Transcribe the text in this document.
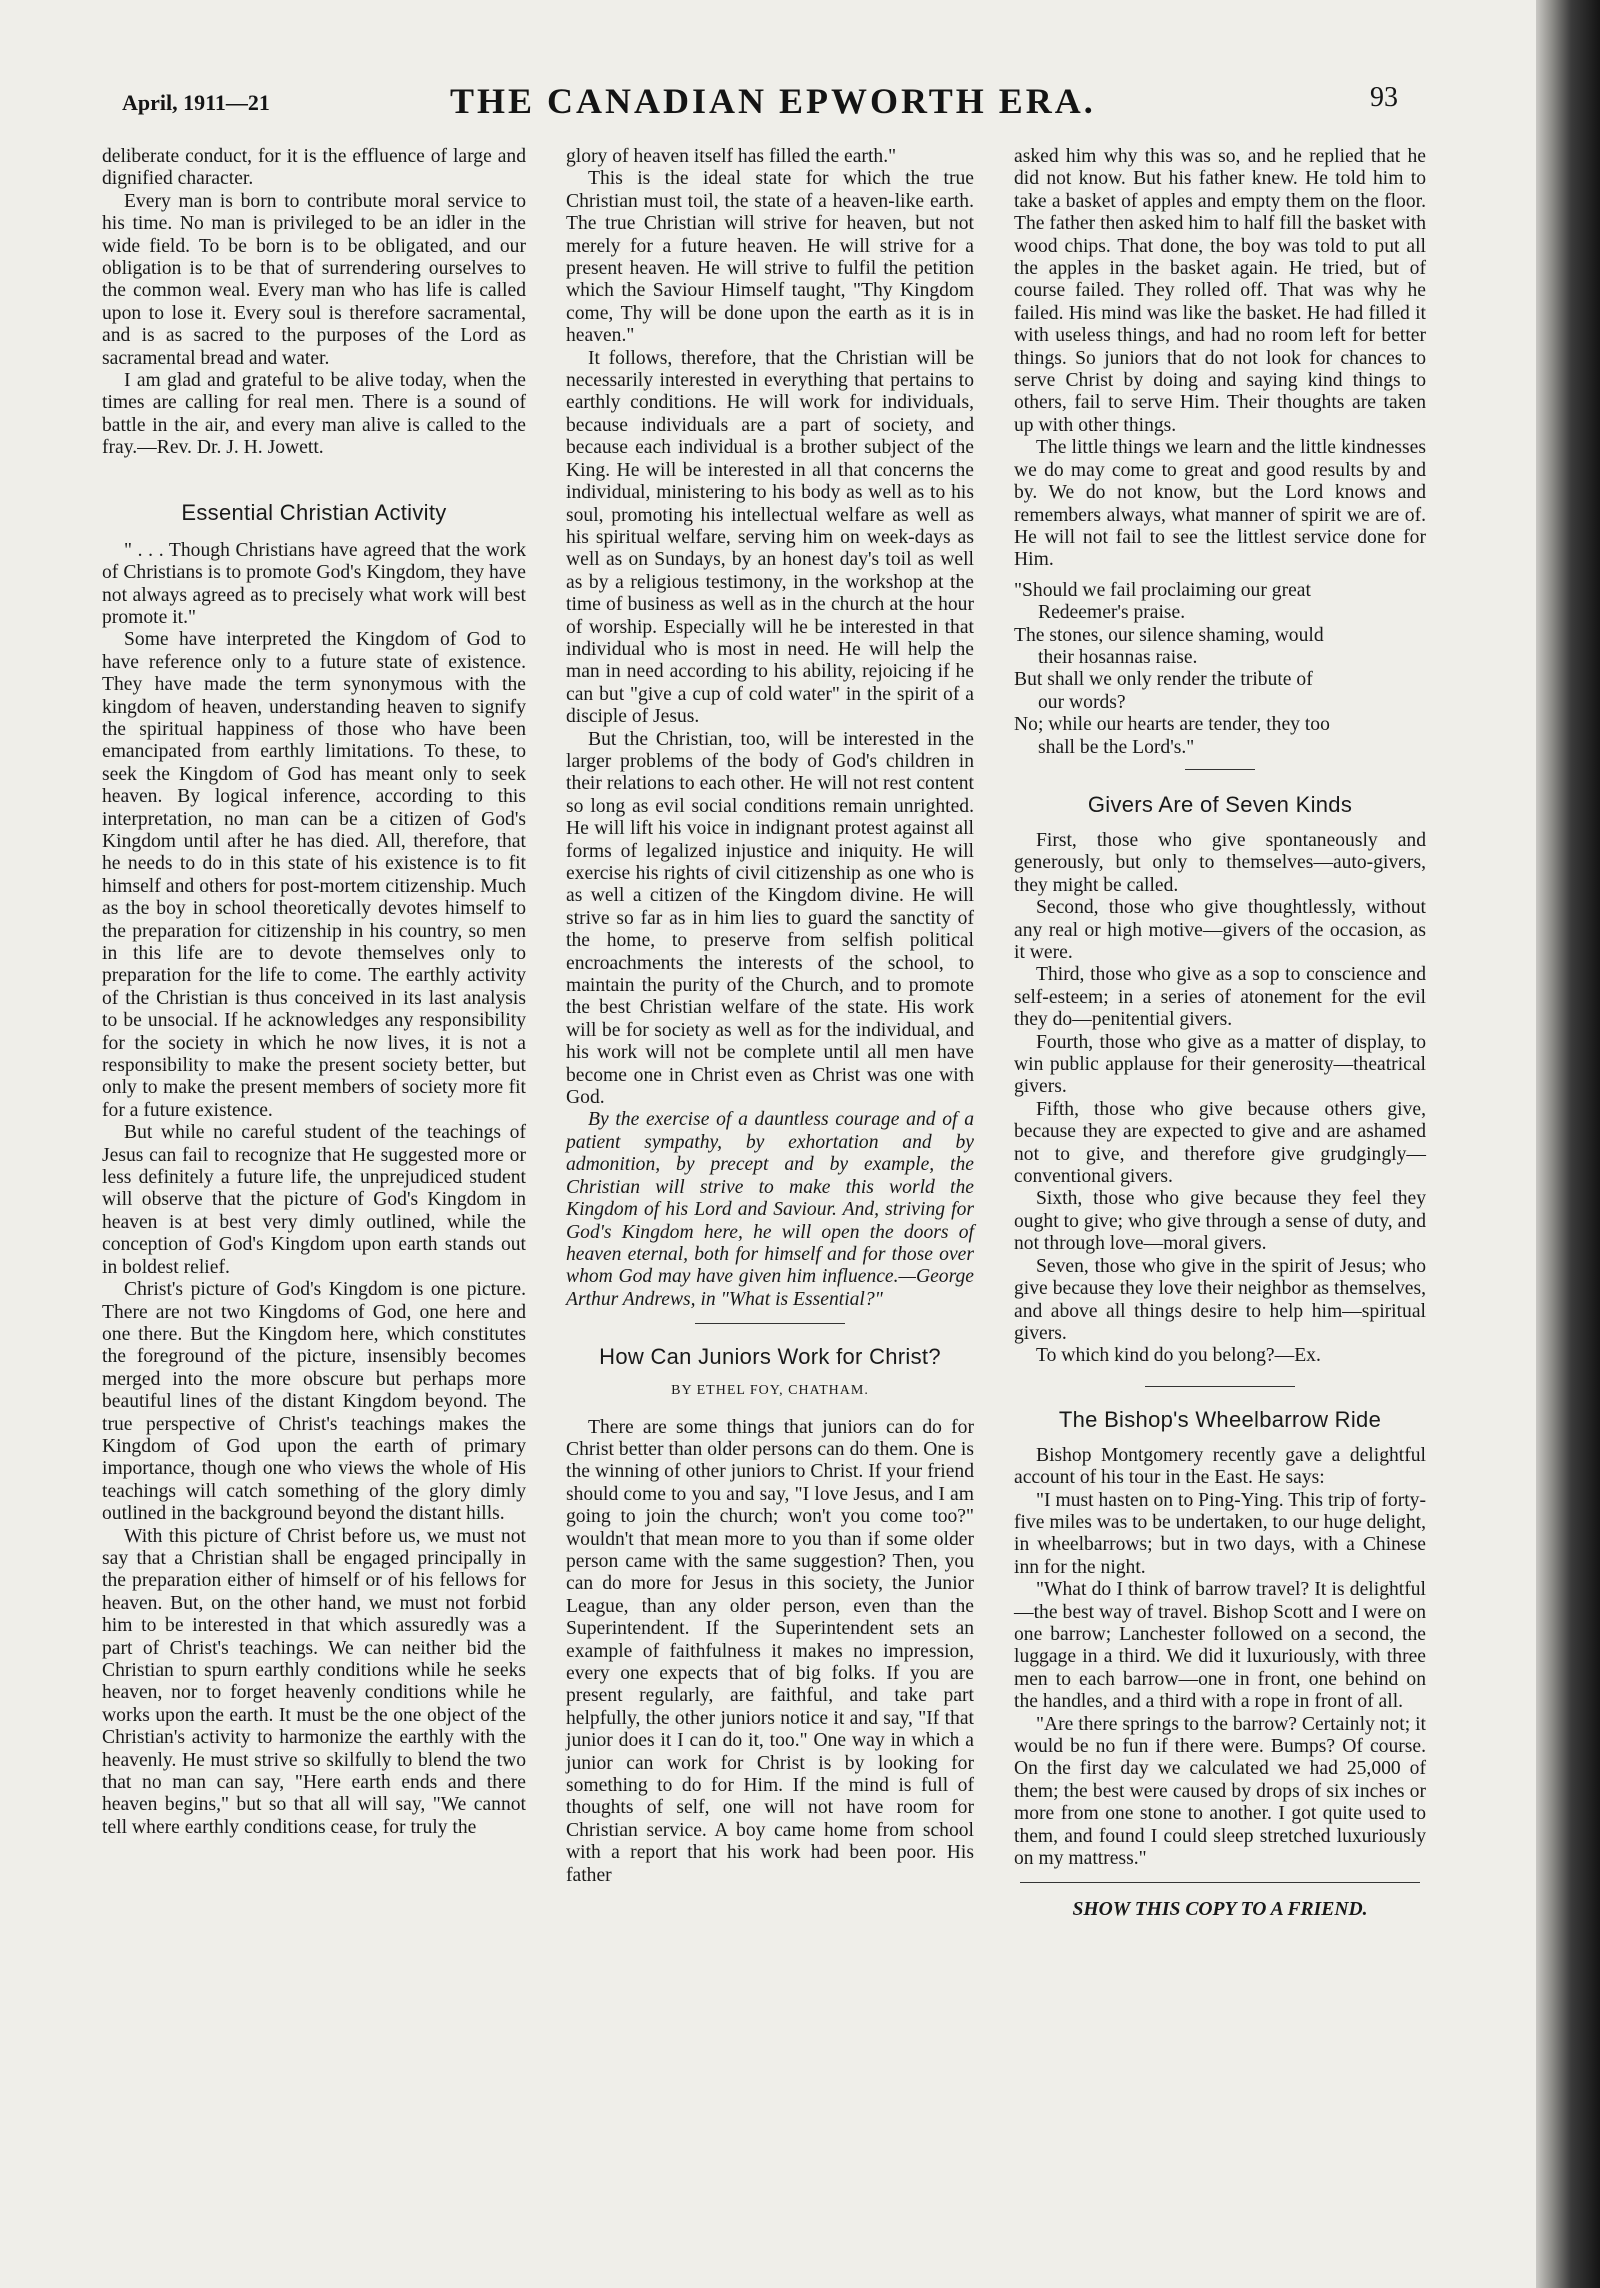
April, 1911—21	THE CANADIAN EPWORTH ERA.	93

deliberate conduct, for it is the effluence of large and dignified character.

Every man is born to contribute moral service to his time. No man is privileged to be an idler in the wide field. To be born is to be obligated, and our obligation is to be that of surrendering ourselves to the common weal. Every man who has life is called upon to lose it. Every soul is therefore sacramental, and is as sacred to the purposes of the Lord as sacramental bread and water.

I am glad and grateful to be alive today, when the times are calling for real men. There is a sound of battle in the air, and every man alive is called to the fray.—Rev. Dr. J. H. Jowett.

Essential Christian Activity

" . . . Though Christians have agreed that the work of Christians is to promote God's Kingdom, they have not always agreed as to precisely what work will best promote it."

Some have interpreted the Kingdom of God to have reference only to a future state of existence. They have made the term synonymous with the kingdom of heaven, understanding heaven to signify the spiritual happiness of those who have been emancipated from earthly limitations. To these, to seek the Kingdom of God has meant only to seek heaven. By logical inference, according to this interpretation, no man can be a citizen of God's Kingdom until after he has died. All, therefore, that he needs to do in this state of his existence is to fit himself and others for post-mortem citizenship. Much as the boy in school theoretically devotes himself to the preparation for citizenship in his country, so men in this life are to devote themselves only to preparation for the life to come. The earthly activity of the Christian is thus conceived in its last analysis to be unsocial. If he acknowledges any responsibility for the society in which he now lives, it is not a responsibility to make the present society better, but only to make the present members of society more fit for a future existence.

But while no careful student of the teachings of Jesus can fail to recognize that He suggested more or less definitely a future life, the unprejudiced student will observe that the picture of God's Kingdom in heaven is at best very dimly outlined, while the conception of God's Kingdom upon earth stands out in boldest relief.

Christ's picture of God's Kingdom is one picture. There are not two Kingdoms of God, one here and one there. But the Kingdom here, which constitutes the foreground of the picture, insensibly becomes merged into the more obscure but perhaps more beautiful lines of the distant Kingdom beyond. The true perspective of Christ's teachings makes the Kingdom of God upon the earth of primary importance, though one who views the whole of His teachings will catch something of the glory dimly outlined in the background beyond the distant hills.

With this picture of Christ before us, we must not say that a Christian shall be engaged principally in the preparation either of himself or of his fellows for heaven. But, on the other hand, we must not forbid him to be interested in that which assuredly was a part of Christ's teachings. We can neither bid the Christian to spurn earthly conditions while he seeks heaven, nor to forget heavenly conditions while he works upon the earth. It must be the one object of the Christian's activity to harmonize the earthly with the heavenly. He must strive so skilfully to blend the two that no man can say, "Here earth ends and there heaven begins," but so that all will say, "We cannot tell where earthly conditions cease, for truly the

glory of heaven itself has filled the earth."

This is the ideal state for which the true Christian must toil, the state of a heaven-like earth. The true Christian will strive for heaven, but not merely for a future heaven. He will strive for a present heaven. He will strive to fulfil the petition which the Saviour Himself taught, "Thy Kingdom come, Thy will be done upon the earth as it is in heaven."

It follows, therefore, that the Christian will be necessarily interested in everything that pertains to earthly conditions. He will work for individuals, because individuals are a part of society, and because each individual is a brother subject of the King. He will be interested in all that concerns the individual, ministering to his body as well as to his soul, promoting his intellectual welfare as well as his spiritual welfare, serving him on week-days as well as on Sundays, by an honest day's toil as well as by a religious testimony, in the workshop at the time of business as well as in the church at the hour of worship. Especially will he be interested in that individual who is most in need. He will help the man in need according to his ability, rejoicing if he can but "give a cup of cold water" in the spirit of a disciple of Jesus.

But the Christian, too, will be interested in the larger problems of the body of God's children in their relations to each other. He will not rest content so long as evil social conditions remain unrighted. He will lift his voice in indignant protest against all forms of legalized injustice and iniquity. He will exercise his rights of civil citizenship as one who is as well a citizen of the Kingdom divine. He will strive so far as in him lies to guard the sanctity of the home, to preserve from selfish political encroachments the interests of the school, to maintain the purity of the Church, and to promote the best Christian welfare of the state. His work will be for society as well as for the individual, and his work will not be complete until all men have become one in Christ even as Christ was one with God.

By the exercise of a dauntless courage and of a patient sympathy, by exhortation and by admonition, by precept and by example, the Christian will strive to make this world the Kingdom of his Lord and Saviour. And, striving for God's Kingdom here, he will open the doors of heaven eternal, both for himself and for those over whom God may have given him influence.—George Arthur Andrews, in "What is Essential?"

How Can Juniors Work for Christ?
BY ETHEL FOY, CHATHAM.

There are some things that juniors can do for Christ better than older persons can do them. One is the winning of other juniors to Christ. If your friend should come to you and say, "I love Jesus, and I am going to join the church; won't you come too?" wouldn't that mean more to you than if some older person came with the same suggestion? Then, you can do more for Jesus in this society, the Junior League, than any older person, even than the Superintendent. If the Superintendent sets an example of faithfulness it makes no impression, every one expects that of big folks. If you are present regularly, are faithful, and take part helpfully, the other juniors notice it and say, "If that junior does it I can do it, too." One way in which a junior can work for Christ is by looking for something to do for Him. If the mind is full of thoughts of self, one will not have room for Christian service. A boy came home from school with a report that his work had been poor. His father

asked him why this was so, and he replied that he did not know. But his father knew. He told him to take a basket of apples and empty them on the floor. The father then asked him to half fill the basket with wood chips. That done, the boy was told to put all the apples in the basket again. He tried, but of course failed. They rolled off. That was why he failed. His mind was like the basket. He had filled it with useless things, and had no room left for better things. So juniors that do not look for chances to serve Christ by doing and saying kind things to others, fail to serve Him. Their thoughts are taken up with other things.

The little things we learn and the little kindnesses we do may come to great and good results by and by. We do not know, but the Lord knows and remembers always, what manner of spirit we are of. He will not fail to see the littlest service done for Him.

"Should we fail proclaiming our great

Redeemer's praise.

The stones, our silence shaming, would

their hosannas raise.

But shall we only render the tribute of

our words?

No; while our hearts are tender, they too

shall be the Lord's."

Givers Are of Seven Kinds

First, those who give spontaneously and generously, but only to themselves—auto-givers, they might be called.

Second, those who give thoughtlessly, without any real or high motive—givers of the occasion, as it were.

Third, those who give as a sop to conscience and self-esteem; in a series of atonement for the evil they do—penitential givers.

Fourth, those who give as a matter of display, to win public applause for their generosity—theatrical givers.

Fifth, those who give because others give, because they are expected to give and are ashamed not to give, and therefore give grudgingly—conventional givers.

Sixth, those who give because they feel they ought to give; who give through a sense of duty, and not through love—moral givers.

Seven, those who give in the spirit of Jesus; who give because they love their neighbor as themselves, and above all things desire to help him—spiritual givers.

To which kind do you belong?—Ex.

The Bishop's Wheelbarrow Ride

Bishop Montgomery recently gave a delightful account of his tour in the East. He says:

"I must hasten on to Ping-Ying. This trip of forty-five miles was to be undertaken, to our huge delight, in wheelbarrows; but in two days, with a Chinese inn for the night.

"What do I think of barrow travel? It is delightful—the best way of travel. Bishop Scott and I were on one barrow; Lanchester followed on a second, the luggage in a third. We did it luxuriously, with three men to each barrow—one in front, one behind on the handles, and a third with a rope in front of all.

"Are there springs to the barrow? Certainly not; it would be no fun if there were. Bumps? Of course. On the first day we calculated we had 25,000 of them; the best were caused by drops of six inches or more from one stone to another. I got quite used to them, and found I could sleep stretched luxuriously on my mattress."

SHOW THIS COPY TO A FRIEND.
